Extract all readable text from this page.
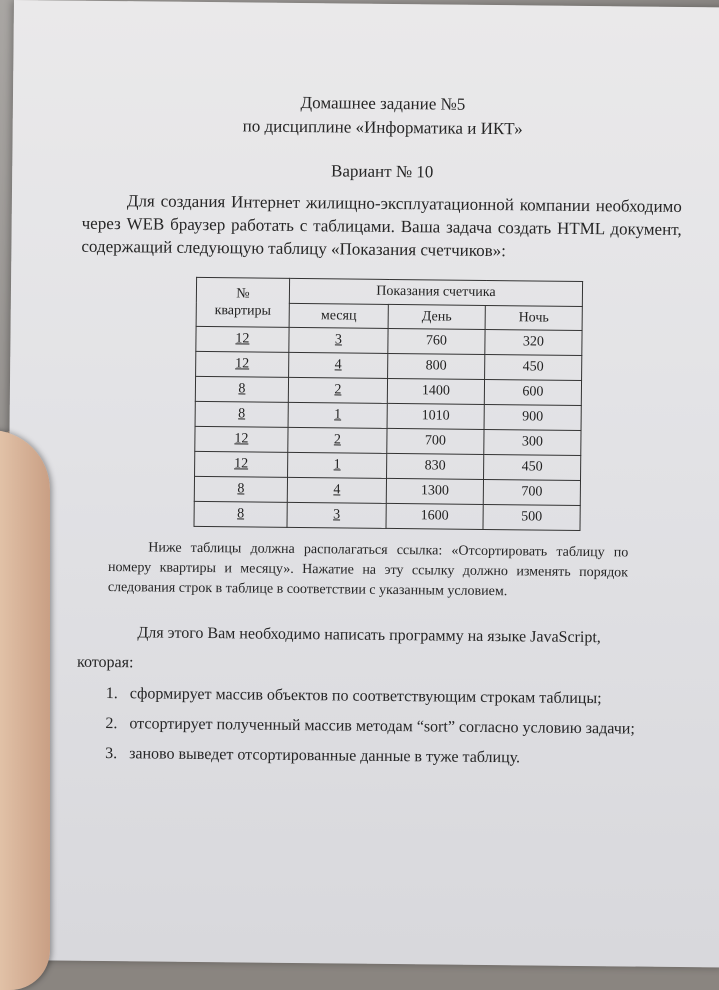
Домашнее задание №5

по дисциплине «Информатика и ИКТ»

Вариант № 10

Для создания Интернет жилищно-эксплуатационной компании необходимо через WEB браузер работать с таблицами. Ваша задача создать HTML документ, содержащий следующую таблицу «Показания счетчиков»:

№
квартиры	Показания счетчика		
	месяц	День	Ночь
12	3	760	320
12	4	800	450
8	2	1400	600
8	1	1010	900
12	2	700	300
12	1	830	450
8	4	1300	700
8	3	1600	500

Ниже таблицы должна располагаться ссылка: «Отсортировать таблицу по номеру квартиры и месяцу». Нажатие на эту ссылку должно изменять порядок следования строк в таблице в соответствии с указанным условием.

Для этого Вам необходимо написать программу на языке JavaScript,

которая:

1. сформирует массив объектов по соответствующим строкам таблицы;
2. отсортирует полученный массив методам “sort” согласно условию задачи;
3. заново выведет отсортированные данные в туже таблицу.
